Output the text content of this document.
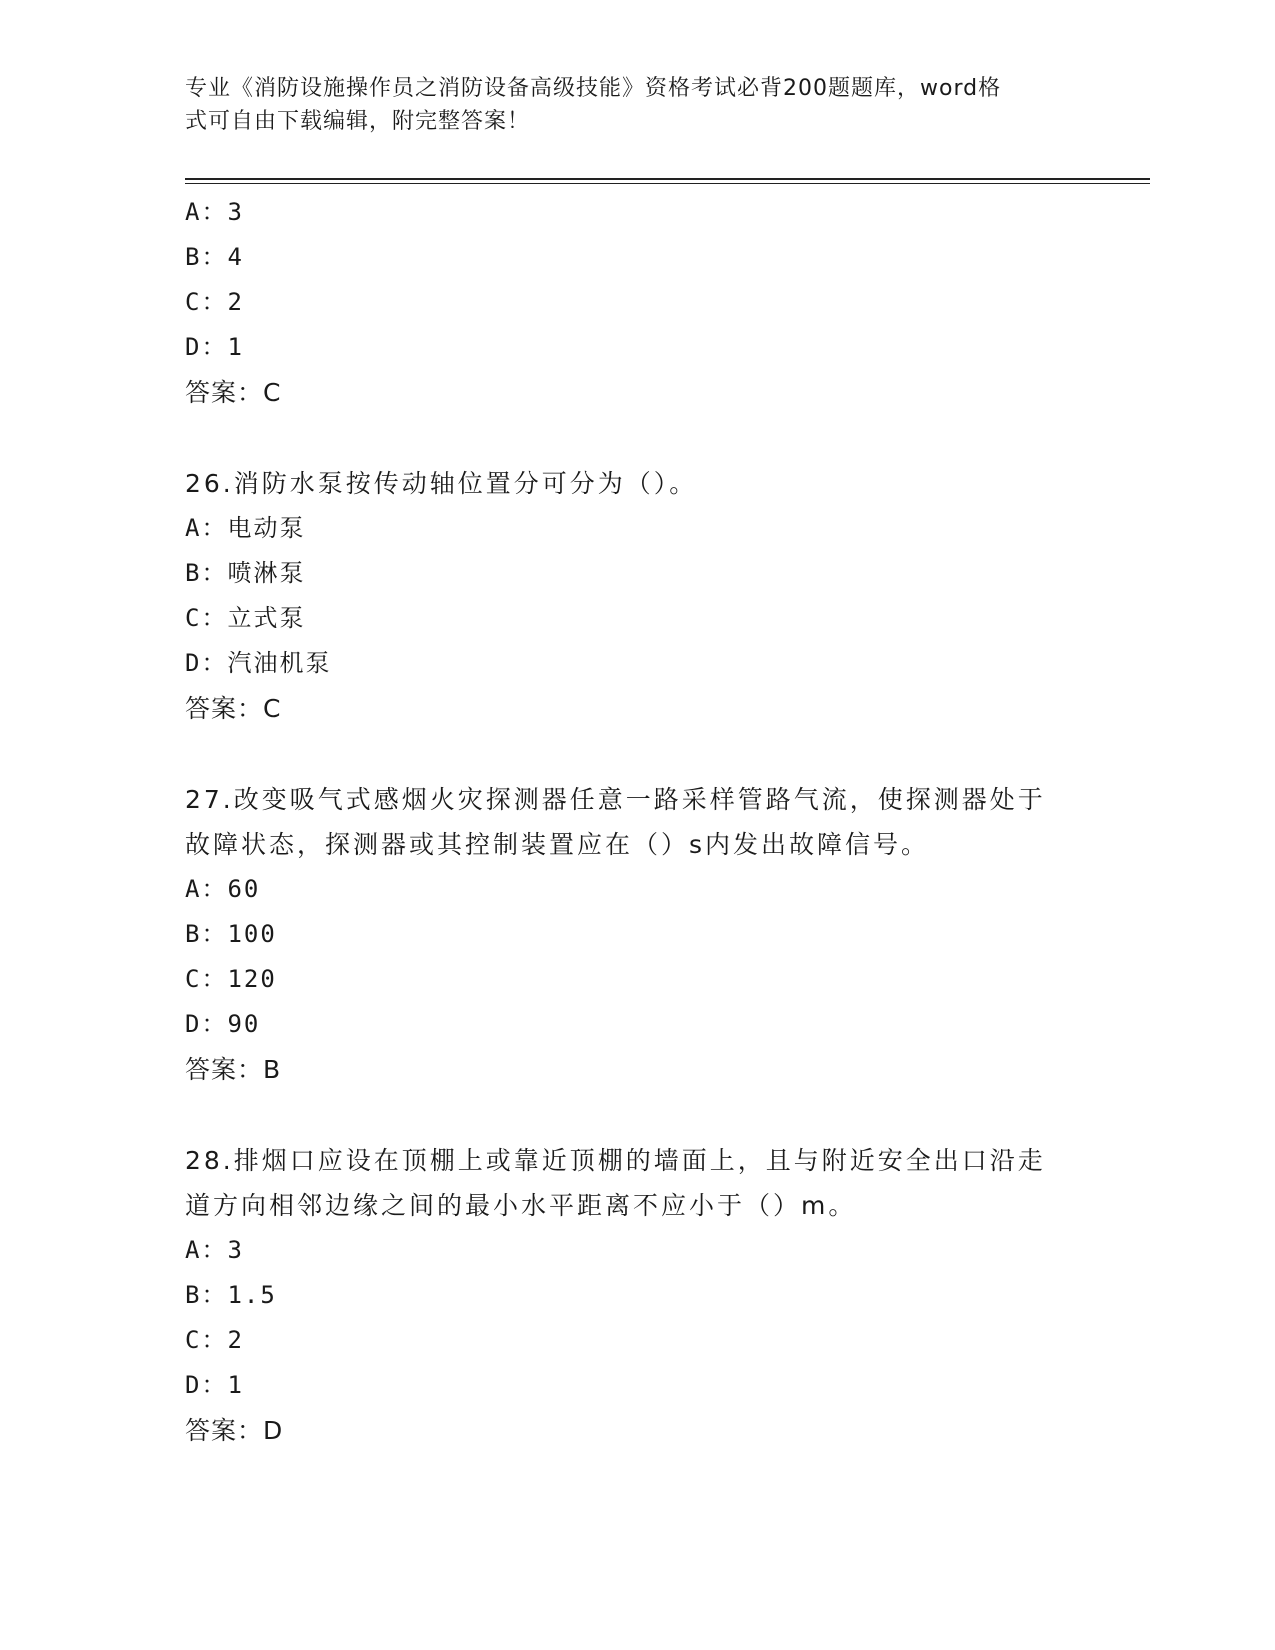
专业《消防设施操作员之消防设备高级技能》资格考试必背200题题库，word格
式可自由下载编辑，附完整答案！
A：3
B：4
C：2
D：1
答案：C
26.消防水泵按传动轴位置分可分为（）。
A：电动泵
B：喷淋泵
C：立式泵
D：汽油机泵
答案：C
27.改变吸气式感烟火灾探测器任意一路采样管路气流，使探测器处于
故障状态，探测器或其控制装置应在（）s内发出故障信号。
A：60
B：100
C：120
D：90
答案：B
28.排烟口应设在顶棚上或靠近顶棚的墙面上，且与附近安全出口沿走
道方向相邻边缘之间的最小水平距离不应小于（）m。
A：3
B：1.5
C：2
D：1
答案：D
